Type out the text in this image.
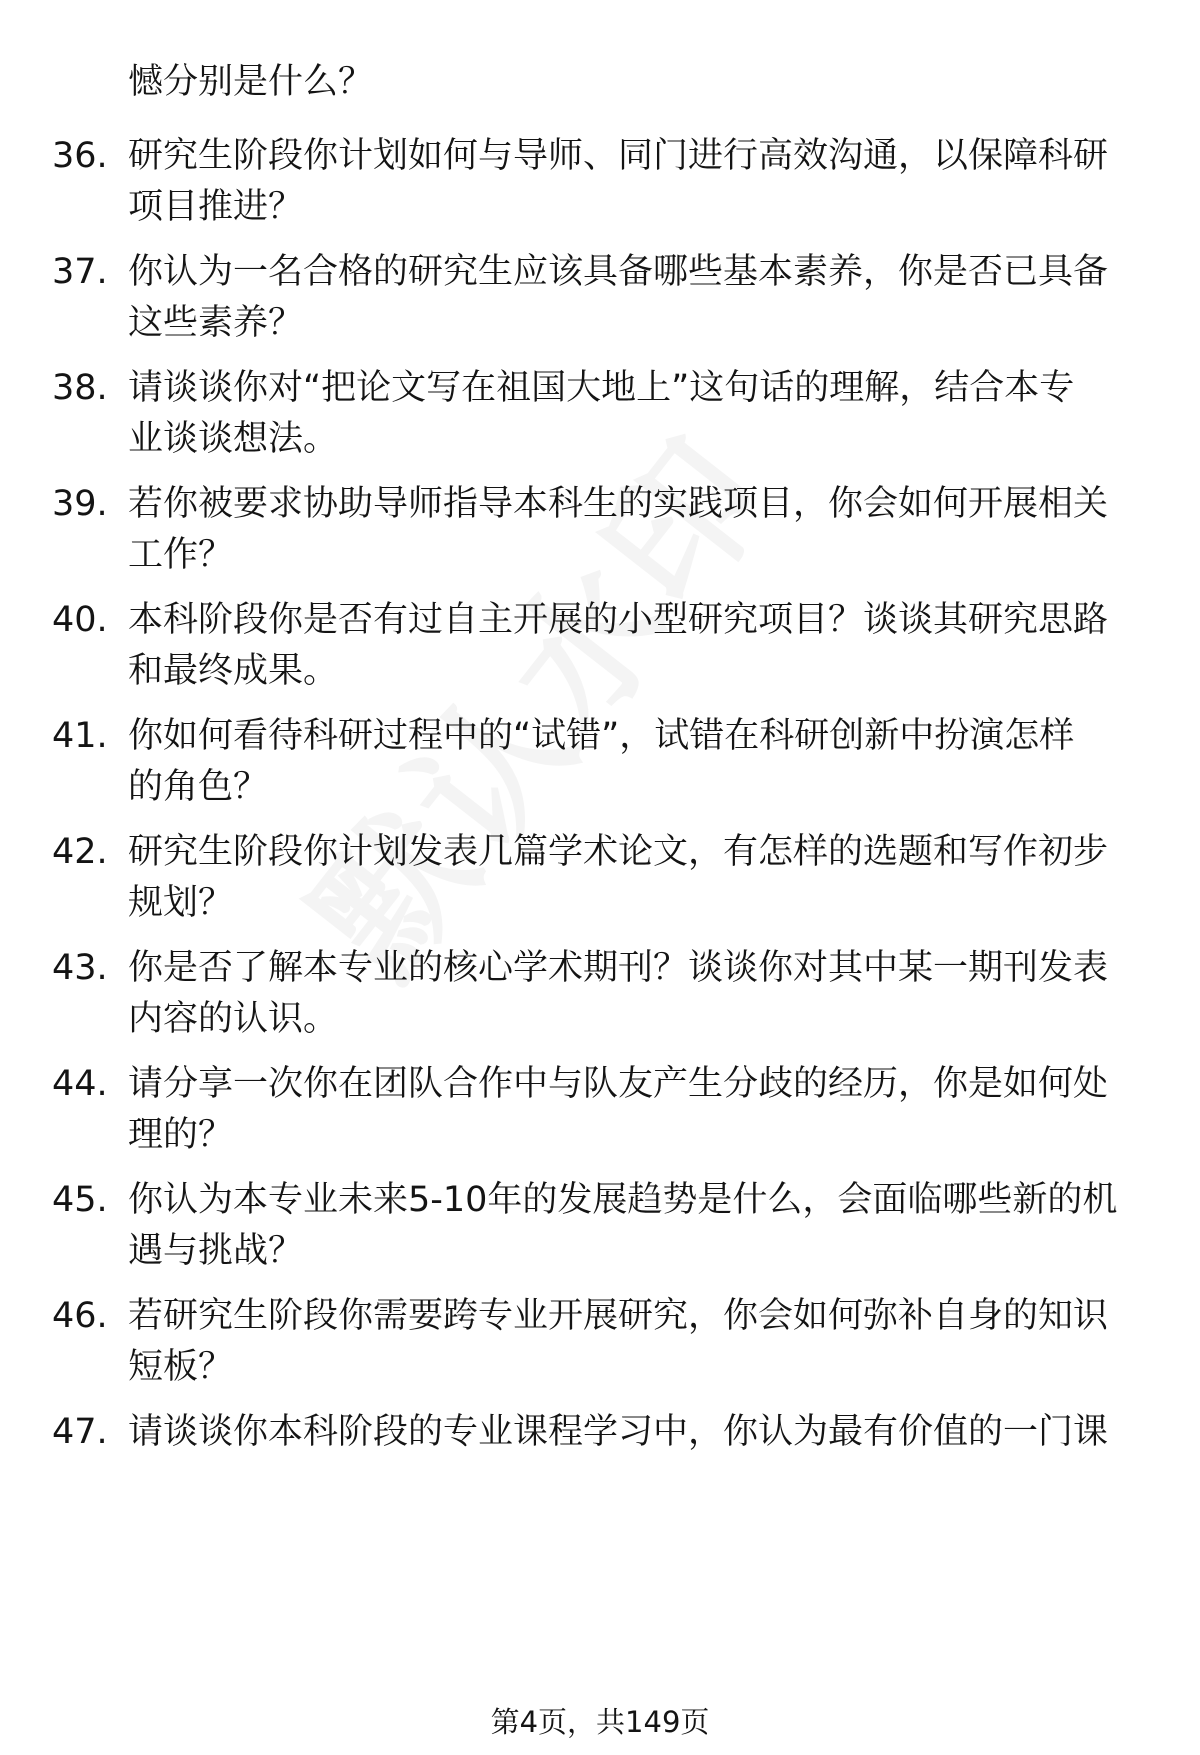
憾分别是什么？
36. 研究生阶段你计划如何与导师、同门进行高效沟通，以保障科研
项目推进？
37. 你认为一名合格的研究生应该具备哪些基本素养，你是否已具备
这些素养？
38. 请谈谈你对“把论文写在祖国大地上”这句话的理解，结合本专
业谈谈想法。
39. 若你被要求协助导师指导本科生的实践项目，你会如何开展相关
工作？
40. 本科阶段你是否有过自主开展的小型研究项目？谈谈其研究思路
和最终成果。
41. 你如何看待科研过程中的“试错”，试错在科研创新中扮演怎样
的角色？
42. 研究生阶段你计划发表几篇学术论文，有怎样的选题和写作初步
规划？
43. 你是否了解本专业的核心学术期刊？谈谈你对其中某一期刊发表
内容的认识。
44. 请分享一次你在团队合作中与队友产生分歧的经历，你是如何处
理的？
45. 你认为本专业未来5-10年的发展趋势是什么，会面临哪些新的机
遇与挑战？
46. 若研究生阶段你需要跨专业开展研究，你会如何弥补自身的知识
短板？
47. 请谈谈你本科阶段的专业课程学习中，你认为最有价值的一门课
第4页，共149页
